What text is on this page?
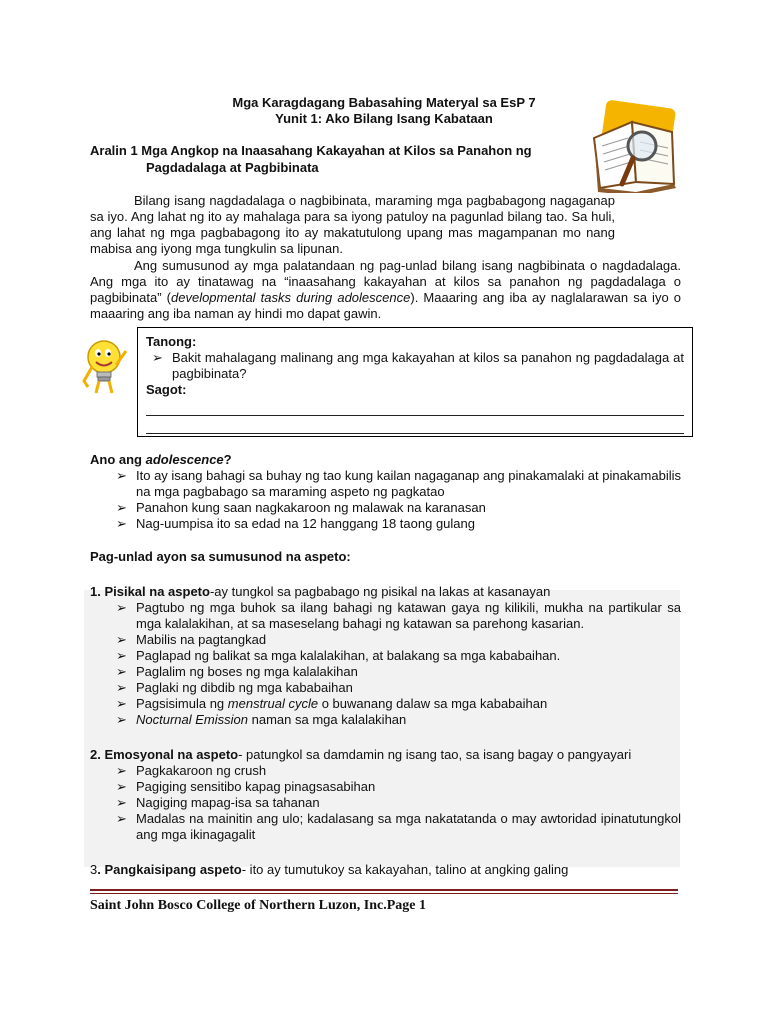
Mga Karagdagang Babasahing Materyal sa EsP 7
Yunit 1: Ako Bilang Isang Kabataan
Aralin 1 Mga Angkop na Inaasahang Kakayahan at Kilos sa Panahon ng
Pagdadalaga at Pagbibinata
Bilang isang nagdadalaga o nagbibinata, maraming mga pagbabagong nagaganap sa iyo. Ang lahat ng ito ay mahalaga para sa iyong patuloy na pagunlad bilang tao. Sa huli, ang lahat ng mga pagbabagong ito ay makatutulong upang mas magampanan mo nang mabisa ang iyong mga tungkulin sa lipunan.
Ang sumusunod ay mga palatandaan ng pag-unlad bilang isang nagbibinata o nagdadalaga. Ang mga ito ay tinatawag na “inaasahang kakayahan at kilos sa panahon ng pagdadalaga o pagbibinata” (developmental tasks during adolescence). Maaaring ang iba ay naglalarawan sa iyo o maaaring ang iba naman ay hindi mo dapat gawin.
Tanong:
➢ Bakit mahalagang malinang ang mga kakayahan at kilos sa panahon ng pagdadalaga at pagbibinata?
Sagot:
Ano ang adolescence?
➢ Ito ay isang bahagi sa buhay ng tao kung kailan nagaganap ang pinakamalaki at pinakamabilis na mga pagbabago sa maraming aspeto ng pagkatao
➢ Panahon kung saan nagkakaroon ng malawak na karanasan
➢ Nag-uumpisa ito sa edad na 12 hanggang 18 taong gulang
Pag-unlad ayon sa sumusunod na aspeto:
1. Pisikal na aspeto-ay tungkol sa pagbabago ng pisikal na lakas at kasanayan
➢ Pagtubo ng mga buhok sa ilang bahagi ng katawan gaya ng kilikili, mukha na partikular sa mga kalalakihan, at sa maseselang bahagi ng katawan sa parehong kasarian.
➢ Mabilis na pagtangkad
➢ Paglapad ng balikat sa mga kalalakihan, at balakang sa mga kababaihan.
➢ Paglalim ng boses ng mga kalalakihan
➢ Paglaki ng dibdib ng mga kababaihan
➢ Pagsisimula ng menstrual cycle o buwanang dalaw sa mga kababaihan
➢ Nocturnal Emission naman sa mga kalalakihan
2. Emosyonal na aspeto- patungkol sa damdamin ng isang tao, sa isang bagay o pangyayari
➢ Pagkakaroon ng crush
➢ Pagiging sensitibo kapag pinagsasabihan
➢ Nagiging mapag-isa sa tahanan
➢ Madalas na mainitin ang ulo; kadalasang sa mga nakatatanda o may awtoridad ipinatutungkol ang mga ikinagagalit
3. Pangkaisipang aspeto- ito ay tumutukoy sa kakayahan, talino at angking galing
Saint John Bosco College of Northern Luzon, Inc.Page 1
